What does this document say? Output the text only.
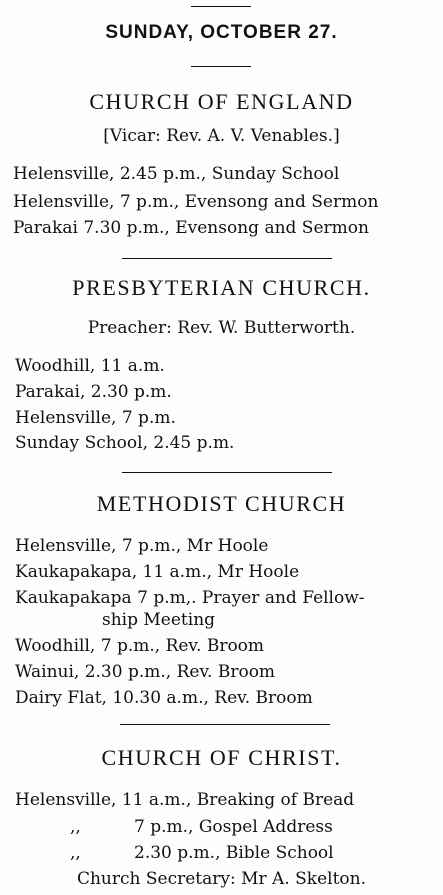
SUNDAY, OCTOBER 27.
CHURCH OF ENGLAND
[Vicar: Rev. A. V. Venables.]
Helensville, 2.45 p.m., Sunday School
Helensville, 7 p.m., Evensong and Sermon
Parakai 7.30 p.m., Evensong and Sermon
PRESBYTERIAN CHURCH.
Preacher: Rev. W. Butterworth.
Woodhill, 11 a.m.
Parakai, 2.30 p.m.
Helensville, 7 p.m.
Sunday School, 2.45 p.m.
METHODIST CHURCH
Helensville, 7 p.m., Mr Hoole
Kaukapakapa, 11 a.m., Mr Hoole
Kaukapakapa 7 p.m,. Prayer and Fellow-
ship Meeting
Woodhill, 7 p.m., Rev. Broom
Wainui, 2.30 p.m., Rev. Broom
Dairy Flat, 10.30 a.m., Rev. Broom
CHURCH OF CHRIST.
Helensville, 11 a.m., Breaking of Bread
,,	7 p.m., Gospel Address
,,	2.30 p.m., Bible School
Church Secretary: Mr A. Skelton.
